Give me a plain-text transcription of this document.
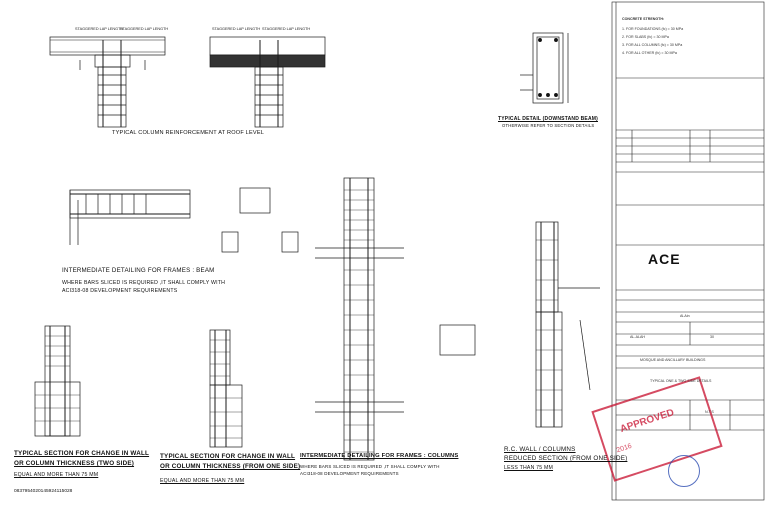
APPROVED
2016
TYPICAL COLUMN REINFORCEMENT AT ROOF LEVEL
STAGGERED LAP LENGTH
STAGGERED LAP LENGTH	STAGGERED LAP LENGTH STAGGERED LAP LENGTH
TYPICAL DETAIL (DOWNSTAND BEAM)
OTHERWISE REFER TO SECTION DETAILS
INTERMEDIATE DETAILING FOR FRAMES : BEAM
WHERE BARS SLICED IS REQUIRED ,IT SHALL COMPLY WITH
ACI318-08 DEVELOPMENT REQUIREMENTS
TYPICAL SECTION FOR CHANGE IN WALL
OR COLUMN THICKNESS (TWO SIDE)
EQUAL AND MORE THAN 75 MM
TYPICAL SECTION FOR CHANGE IN WALL
OR COLUMN THICKNESS (FROM ONE SIDE)
EQUAL AND MORE THAN 75 MM
INTERMEDIATE DETAILING FOR FRAMES : COLUMNS
WHERE BARS SLICED IS REQUIRED ,IT SHALL COMPLY WITH
ACI318-08 DEVELOPMENT REQUIREMENTS
R.C. WALL / COLUMNS
REDUCED SECTION (FROM ONE SIDE)
LESS THAN 75 MM
0837954020145924115028
CONCRETE STRENGTH:
1. FOR FOUNDATIONS (fc) = 30 MPa
2. FOR SLABS (fc) = 30 MPa
3. FOR ALL COLUMNS (fc) = 30 MPa
4. FOR ALL OTHER (fc) = 30 MPa
ACE
Al-Ain
AL-ALAH	30
MOSQUE AND ANCILLARY BUILDINGS
TYPICAL ONE & TWO SIDE DETAILS
N.T.S
